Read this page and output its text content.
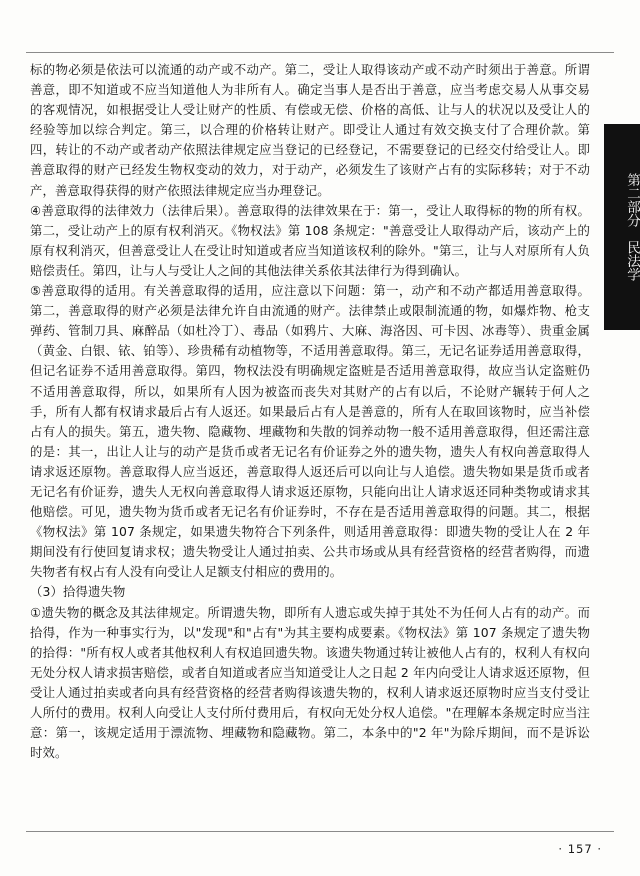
标的物必须是依法可以流通的动产或不动产。第二，受让人取得该动产或不动产时须出于善意。所谓善意，即不知道或不应当知道他人为非所有人。确定当事人是否出于善意，应当考虑交易人从事交易的客观情况，如根据受让人受让财产的性质、有偿或无偿、价格的高低、让与人的状况以及受让人的经验等加以综合判定。第三，以合理的价格转让财产。即受让人通过有效交换支付了合理价款。第四，转让的不动产或者动产依照法律规定应当登记的已经登记，不需要登记的已经交付给受让人。即善意取得的财产已经发生物权变动的效力，对于动产，必须发生了该财产占有的实际移转；对于不动产，善意取得获得的财产依照法律规定应当办理登记。

④善意取得的法律效力（法律后果）。善意取得的法律效果在于：第一，受让人取得标的物的所有权。第二，受让动产上的原有权利消灭。《物权法》第 108 条规定："善意受让人取得动产后，该动产上的原有权利消灭，但善意受让人在受让时知道或者应当知道该权利的除外。"第三，让与人对原所有人负赔偿责任。第四，让与人与受让人之间的其他法律关系依其法律行为得到确认。

⑤善意取得的适用。有关善意取得的适用，应注意以下问题：第一，动产和不动产都适用善意取得。第二，善意取得的财产必须是法律允许自由流通的财产。法律禁止或限制流通的物，如爆炸物、枪支弹药、管制刀具、麻醉品（如杜冷丁）、毒品（如鸦片、大麻、海洛因、可卡因、冰毒等）、贵重金属（黄金、白银、铱、铂等）、珍贵稀有动植物等，不适用善意取得。第三，无记名证券适用善意取得，但记名证券不适用善意取得。第四，物权法没有明确规定盗赃是否适用善意取得，故应当认定盗赃仍不适用善意取得，所以，如果所有人因为被盗而丧失对其财产的占有以后，不论财产辗转于何人之手，所有人都有权请求最后占有人返还。如果最后占有人是善意的，所有人在取回该物时，应当补偿占有人的损失。第五，遗失物、隐藏物、埋藏物和失散的饲养动物一般不适用善意取得，但还需注意的是：其一，出让人让与的动产是货币或者无记名有价证券之外的遗失物，遗失人有权向善意取得人请求返还原物。善意取得人应当返还，善意取得人返还后可以向让与人追偿。遗失物如果是货币或者无记名有价证券，遗失人无权向善意取得人请求返还原物，只能向出让人请求返还同种类物或请求其他赔偿。可见，遗失物为货币或者无记名有价证券时，不存在是否适用善意取得的问题。其二，根据《物权法》第 107 条规定，如果遗失物符合下列条件，则适用善意取得：即遗失物的受让人在 2 年期间没有行使回复请求权；遗失物受让人通过拍卖、公共市场或从具有经营资格的经营者购得，而遗失物者有权占有人没有向受让人足额支付相应的费用的。

（3）拾得遗失物

①遗失物的概念及其法律规定。所谓遗失物，即所有人遗忘或失掉于其处不为任何人占有的动产。而拾得，作为一种事实行为，以"发现"和"占有"为其主要构成要素。《物权法》第 107 条规定了遗失物的拾得："所有权人或者其他权利人有权追回遗失物。该遗失物通过转让被他人占有的，权利人有权向无处分权人请求损害赔偿，或者自知道或者应当知道受让人之日起 2 年内向受让人请求返还原物，但受让人通过拍卖或者向具有经营资格的经营者购得该遗失物的，权利人请求返还原物时应当支付受让人所付的费用。权利人向受让人支付所付费用后，有权向无处分权人追偿。"在理解本条规定时应当注意：第一，该规定适用于漂流物、埋藏物和隐藏物。第二，本条中的"2 年"为除斥期间，而不是诉讼时效。

第二部分　民法学
· 157 ·
